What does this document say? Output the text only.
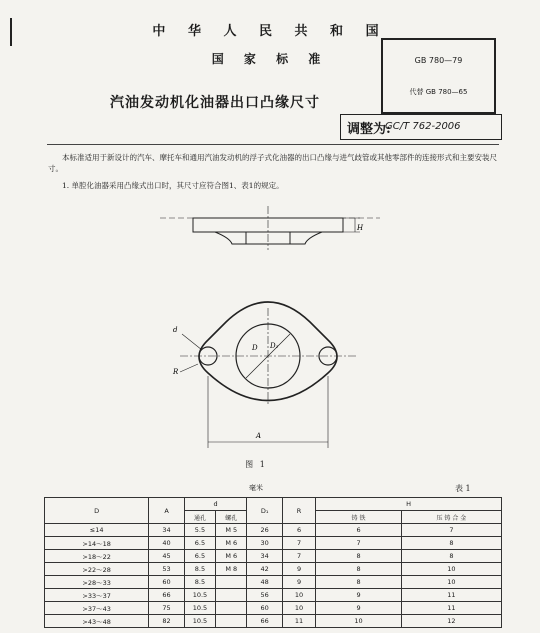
中 华 人 民 共 和 国
国 家 标 准
汽油发动机化油器出口凸缘尺寸
GB 780—79
代替 GB 780—65
调整为:
GC/T 762-2006
本标准适用于新设计的汽车、摩托车和通用汽油发动机的浮子式化油器的出口凸缘与进气歧管或其他零部件的连接形式和主要安装尺寸。
1. 单腔化油器采用凸缘式出口时，其尺寸应符合图1、表1的规定。
H
d
D D₁
R
A
图 1
毫米	表 1
D	A	d		D₁	R	H	
		通孔	螺孔			铸 铁	压 铸 合 金
≤14	34	5.5	M 5	26	6	6	7
>14～18	40	6.5	M 6	30	7	7	8
>18～22	45	6.5	M 6	34	7	8	8
>22～28	53	8.5	M 8	42	9	8	10
>28～33	60	8.5		48	9	8	10
>33～37	66	10.5		56	10	9	11
>37～43	75	10.5		60	10	9	11
>43～48	82	10.5		66	11	10	12
